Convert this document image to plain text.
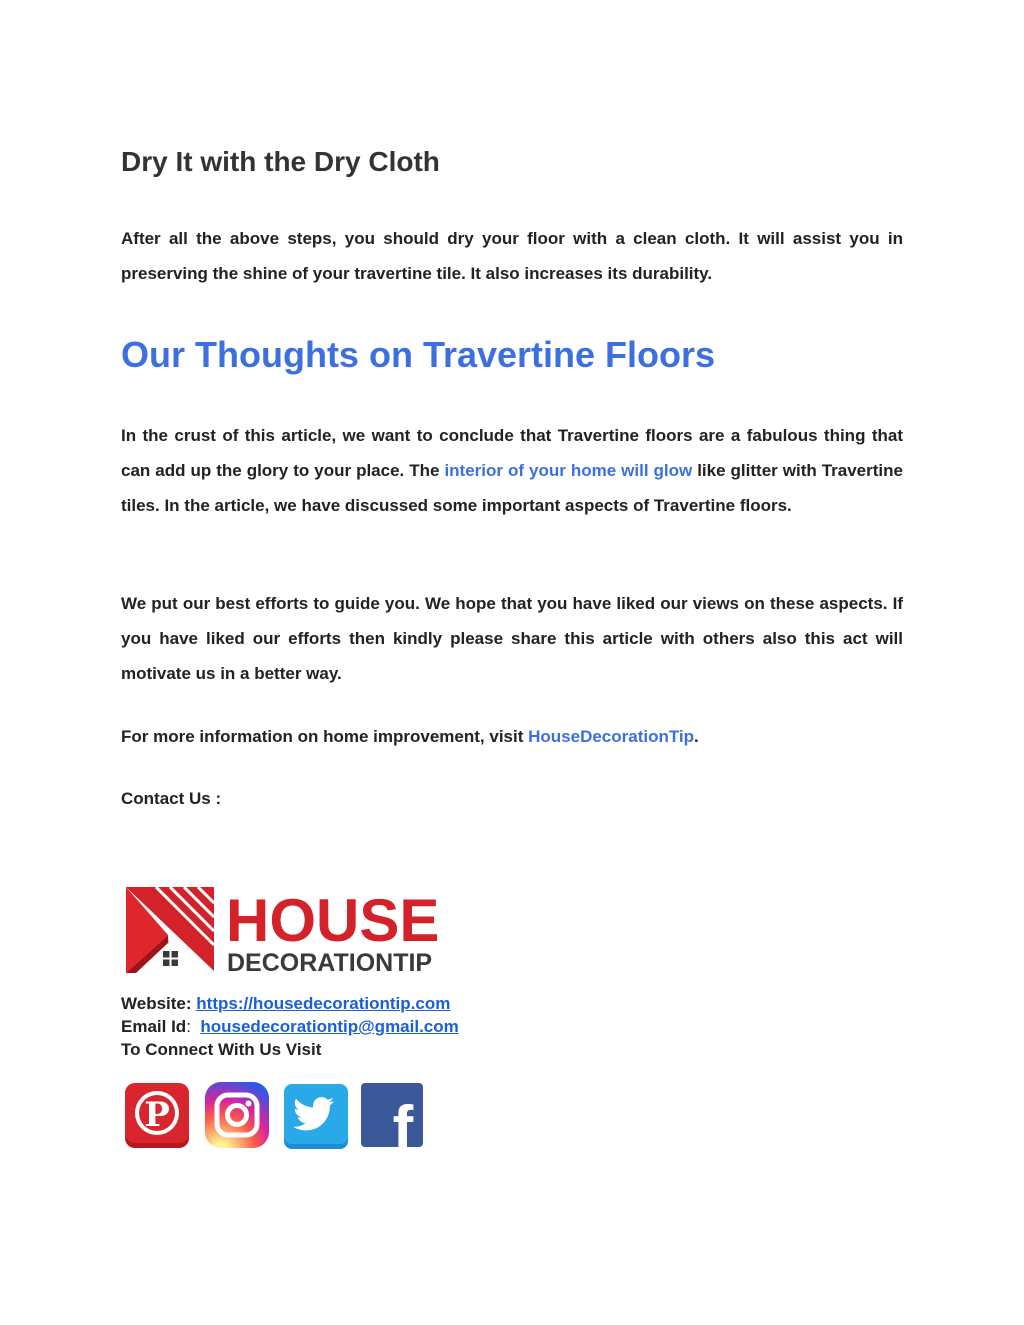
Dry It with the Dry Cloth

After all the above steps, you should dry your floor with a clean cloth. It will assist you in preserving the shine of your travertine tile. It also increases its durability.

Our Thoughts on Travertine Floors

In the crust of this article, we want to conclude that Travertine floors are a fabulous thing that can add up the glory to your place. The interior of your home will glow like glitter with Travertine tiles. In the article, we have discussed some important aspects of Travertine floors.

We put our best efforts to guide you. We hope that you have liked our views on these aspects. If you have liked our efforts then kindly please share this article with others also this act will motivate us in a better way.

For more information on home improvement, visit HouseDecorationTip.

Contact Us :

HOUSE
DECORATIONTIP
Website: https://housedecorationtip.com
Email Id: housedecorationtip@gmail.com
To Connect With Us Visit
P	f
